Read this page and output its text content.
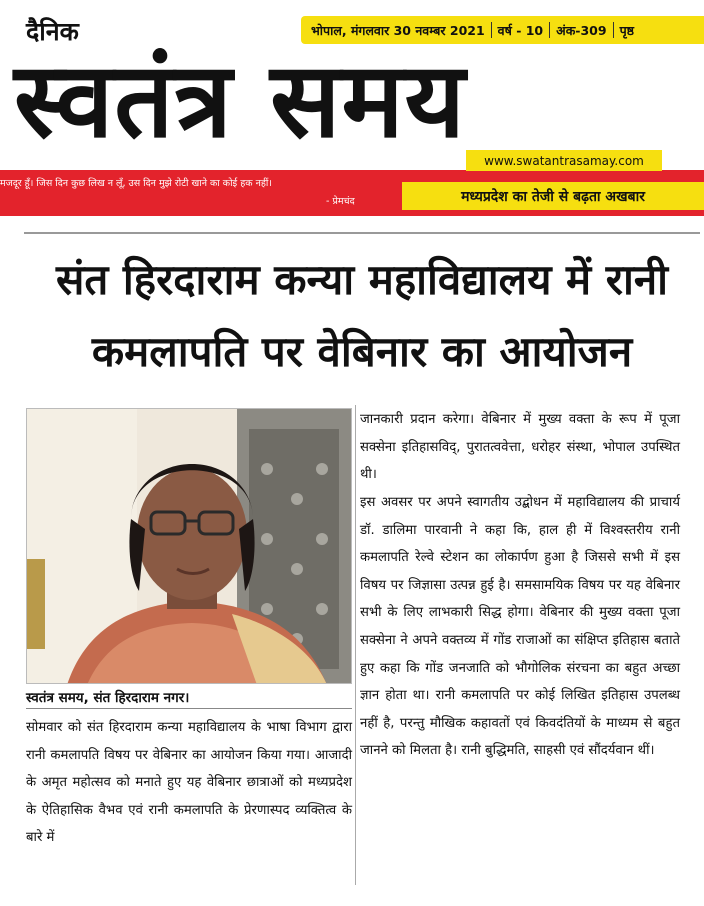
दैनिक	भोपाल, मंगलवार 30 नवम्बर 2021 वर्ष - 10 अंक-309 पृष्ठ
स्वतंत्र समय	www.swatantrasamay.com
मजदूर हूँ। जिस दिन कुछ लिख न लूँ, उस दिन मुझे रोटी खाने का कोई हक नहीं।
- प्रेमचंद	मध्यप्रदेश का तेजी से बढ़ता अखबार
संत हिरदाराम कन्या महाविद्यालय में रानी कमलापति पर वेबिनार का आयोजन
स्वतंत्र समय, संत हिरदाराम नगर।

सोमवार को संत हिरदाराम कन्या महाविद्यालय के भाषा विभाग द्वारा रानी कमलापति विषय पर वेबिनार का आयोजन किया गया। आजादी के अमृत महोत्सव को मनाते हुए यह वेबिनार छात्राओं को मध्यप्रदेश के ऐतिहासिक वैभव एवं रानी कमलापति के प्रेरणास्पद व्यक्तित्व के बारे में

जानकारी प्रदान करेगा। वेबिनार में मुख्य वक्ता के रूप में पूजा सक्सेना इतिहासविद्, पुरातत्ववेत्ता, धरोहर संस्था, भोपाल उपस्थित थी।

इस अवसर पर अपने स्वागतीय उद्बोधन में महाविद्यालय की प्राचार्य डॉ. डालिमा पारवानी ने कहा कि, हाल ही में विश्वस्तरीय रानी कमलापति रेल्वे स्टेशन का लोकार्पण हुआ है जिससे सभी में इस विषय पर जिज्ञासा उत्पन्न हुई है। समसामयिक विषय पर यह वेबिनार सभी के लिए लाभकारी सिद्ध होगा। वेबिनार की मुख्य वक्ता पूजा सक्सेना ने अपने वक्तव्य में गोंड राजाओं का संक्षिप्त इतिहास बताते हुए कहा कि गोंड जनजाति को भौगोलिक संरचना का बहुत अच्छा ज्ञान होता था। रानी कमलापति पर कोई लिखित इतिहास उपलब्ध नहीं है, परन्तु मौखिक कहावतों एवं किवदंतियों के माध्यम से बहुत जानने को मिलता है। रानी बुद्धिमति, साहसी एवं सौंदर्यवान थीं।
